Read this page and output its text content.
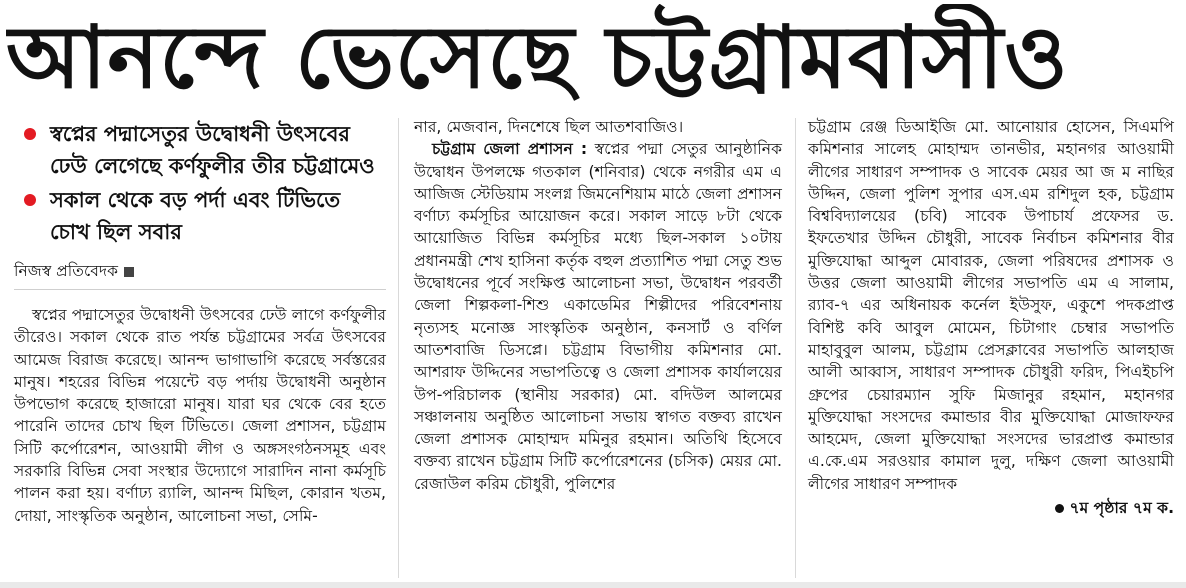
আনন্দে ভেসেছে চট্টগ্রামবাসীও
স্বপ্নের পদ্মাসেতুর উদ্বোধনী উৎসবের ঢেউ লেগেছে কর্ণফুলীর তীর চট্টগ্রামেও
সকাল থেকে বড় পর্দা এবং টিভিতে চোখ ছিল সবার
নিজস্ব প্রতিবেদক

স্বপ্নের পদ্মাসেতুর উদ্বোধনী উৎসবের ঢেউ লাগে কর্ণফুলীর তীরেও। সকাল থেকে রাত পর্যন্ত চট্টগ্রামের সর্বত্র উৎসবের আমেজ বিরাজ করেছে। আনন্দ ভাগাভাগি করেছে সর্বস্তরের মানুষ। শহরের বিভিন্ন পয়েন্টে বড় পর্দায় উদ্বোধনী অনুষ্ঠান উপভোগ করেছে হাজারো মানুষ। যারা ঘর থেকে বের হতে পারেনি তাদের চোখ ছিল টিভিতে। জেলা প্রশাসন, চট্টগ্রাম সিটি কর্পোরেশন, আওয়ামী লীগ ও অঙ্গসংগঠনসমূহ এবং সরকারি বিভিন্ন সেবা সংস্থার উদ্যোগে সারাদিন নানা কর্মসূচি পালন করা হয়। বর্ণাঢ্য র‌্যালি, আনন্দ মিছিল, কোরান খতম, দোয়া, সাংস্কৃতিক অনুষ্ঠান, আলোচনা সভা, সেমি-

নার, মেজবান, দিনশেষে ছিল আতশবাজিও।

চট্টগ্রাম জেলা প্রশাসন : স্বপ্নের পদ্মা সেতুর আনুষ্ঠানিক উদ্বোধন উপলক্ষে গতকাল (শনিবার) থেকে নগরীর এম এ আজিজ স্টেডিয়াম সংলগ্ন জিমনেশিয়াম মাঠে জেলা প্রশাসন বর্ণাঢ্য কর্মসূচির আয়োজন করে। সকাল সাড়ে ৮টা থেকে আয়োজিত বিভিন্ন কর্মসূচির মধ্যে ছিল-সকাল ১০টায় প্রধানমন্ত্রী শেখ হাসিনা কর্তৃক বহুল প্রত্যাশিত পদ্মা সেতু শুভ উদ্বোধনের পূর্বে সংক্ষিপ্ত আলোচনা সভা, উদ্বোধন পরবর্তী জেলা শিল্পকলা-শিশু একাডেমির শিল্পীদের পরিবেশনায় নৃত্যসহ মনোজ্ঞ সাংস্কৃতিক অনুষ্ঠান, কনসার্ট ও বর্ণিল আতশবাজি ডিসপ্লে। চট্টগ্রাম বিভাগীয় কমিশনার মো. আশরাফ উদ্দিনের সভাপতিত্বে ও জেলা প্রশাসক কার্যালয়ের উপ-পরিচালক (স্থানীয় সরকার) মো. বদিউল আলমের সঞ্চালনায় অনুষ্ঠিত আলোচনা সভায় স্বাগত বক্তব্য রাখেন জেলা প্রশাসক মোহাম্মদ মমিনুর রহমান। অতিথি হিসেবে বক্তব্য রাখেন চট্টগ্রাম সিটি কর্পোরেশনের (চসিক) মেয়র মো. রেজাউল করিম চৌধুরী, পুলিশের

চট্টগ্রাম রেঞ্জ ডিআইজি মো. আনোয়ার হোসেন, সিএমপি কমিশনার সালেহ মোহাম্মদ তানভীর, মহানগর আওয়ামী লীগের সাধারণ সম্পাদক ও সাবেক মেয়র আ জ ম নাছির উদ্দিন, জেলা পুলিশ সুপার এস.এম রশিদুল হক, চট্টগ্রাম বিশ্ববিদ্যালয়ের (চবি) সাবেক উপাচার্য প্রফেসর ড. ইফতেখার উদ্দিন চৌধুরী, সাবেক নির্বাচন কমিশনার বীর মুক্তিযোদ্ধা আব্দুল মোবারক, জেলা পরিষদের প্রশাসক ও উত্তর জেলা আওয়ামী লীগের সভাপতি এম এ সালাম, র‌্যাব-৭ এর অধিনায়ক কর্নেল ইউসুফ, একুশে পদকপ্রাপ্ত বিশিষ্ট কবি আবুল মোমেন, চিটাগাং চেম্বার সভাপতি মাহাবুবুল আলম, চট্টগ্রাম প্রেসক্লাবের সভাপতি আলহাজ আলী আব্বাস, সাধারণ সম্পাদক চৌধুরী ফরিদ, পিএইচপি গ্রুপের চেয়ারম্যান সুফি মিজানুর রহমান, মহানগর মুক্তিযোদ্ধা সংসদের কমান্ডার বীর মুক্তিযোদ্ধা মোজাফফর আহমেদ, জেলা মুক্তিযোদ্ধা সংসদের ভারপ্রাপ্ত কমান্ডার এ.কে.এম সরওয়ার কামাল দুলু, দক্ষিণ জেলা আওয়ামী লীগের সাধারণ সম্পাদক

৭ম পৃষ্ঠার ৭ম ক.
